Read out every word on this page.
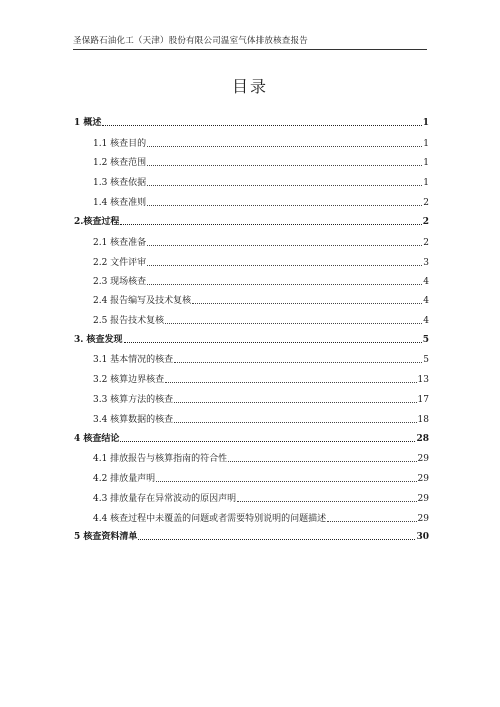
圣保路石油化工（天津）股份有限公司温室气体排放核查报告
目录
1 概述	1
1.1 核查目的	1
1.2 核查范围	1
1.3 核查依据	1
1.4 核查准则	2
2.核查过程	2
2.1 核查准备	2
2.2 文件评审	3
2.3 现场核查	4
2.4 报告编写及技术复核	4
2.5 报告技术复核	4
3. 核查发现	5
3.1 基本情况的核查	5
3.2 核算边界核查	13
3.3 核算方法的核查	17
3.4 核算数据的核查	18
4 核查结论	28
4.1 排放报告与核算指南的符合性	29
4.2 排放量声明	29
4.3 排放量存在异常波动的原因声明	29
4.4 核查过程中未覆盖的问题或者需要特别说明的问题描述	29
5 核查资料清单	30
